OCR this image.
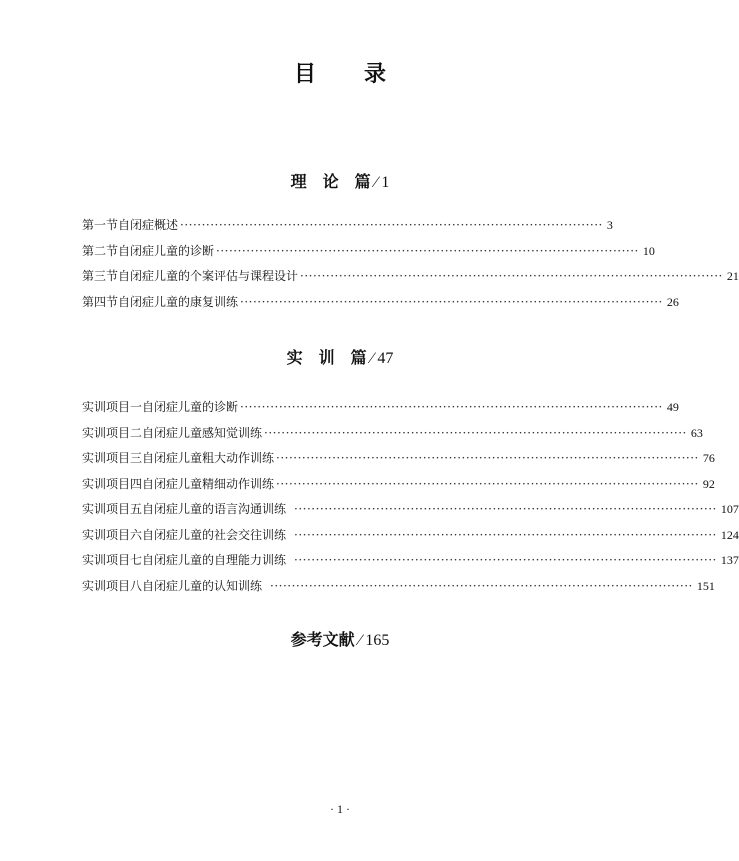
目 录
理　论　篇 ⁄ 1
第一节 自闭症概述 ·································································································· 3
第二节 自闭症儿童的诊断 ·································································································· 10
第三节 自闭症儿童的个案评估与课程设计 ·································································································· 21
第四节 自闭症儿童的康复训练 ·································································································· 26
实　训　篇 ⁄ 47
实训项目一 自闭症儿童的诊断 ·································································································· 49
实训项目二 自闭症儿童感知觉训练 ·································································································· 63
实训项目三 自闭症儿童粗大动作训练 ·································································································· 76
实训项目四 自闭症儿童精细动作训练 ·································································································· 92
实训项目五 自闭症儿童的语言沟通训练 ·································································································· 107
实训项目六 自闭症儿童的社会交往训练 ·································································································· 124
实训项目七 自闭症儿童的自理能力训练 ·································································································· 137
实训项目八 自闭症儿童的认知训练 ·································································································· 151
参考文献 ⁄ 165
· 1 ·
